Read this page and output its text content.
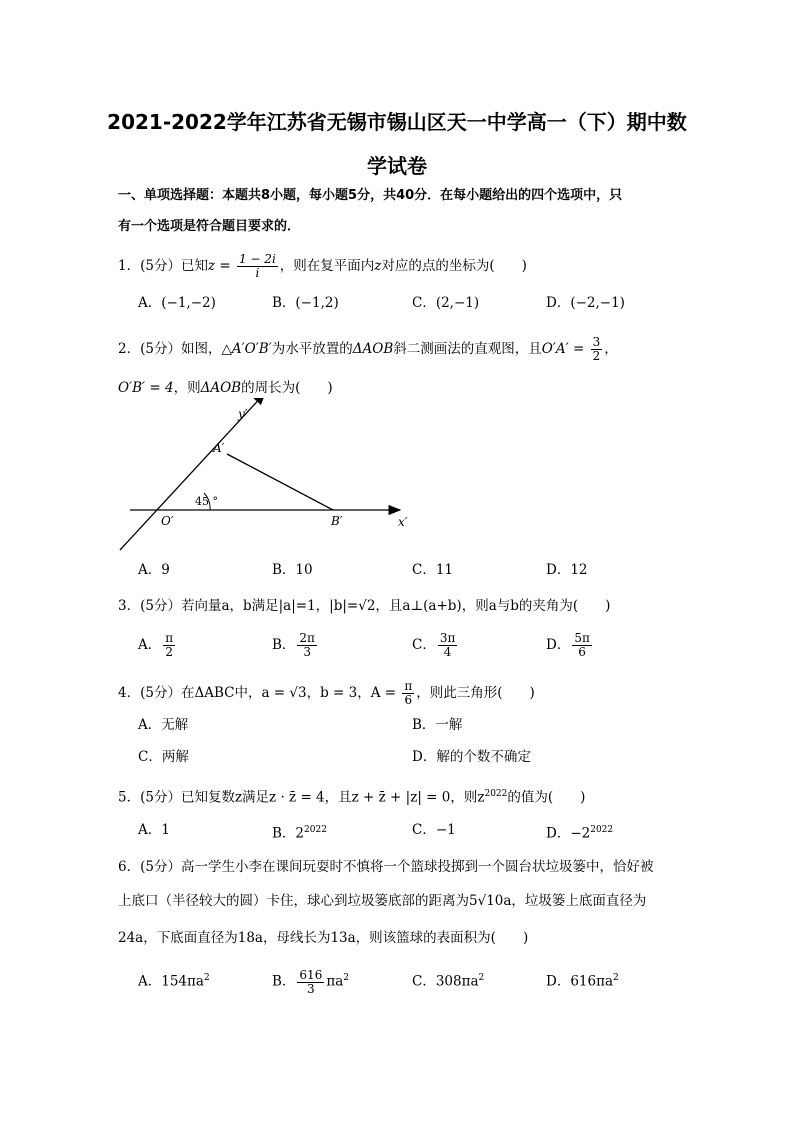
2021-2022学年江苏省无锡市锡山区天一中学高一（下）期中数
学试卷
一、单项选择题：本题共8小题，每小题5分，共40分．在每小题给出的四个选项中，只
有一个选项是符合题目要求的．
1．(5分）已知$z = \frac{1 - 2i}{i}$ ，则在复平面内z对应的点的坐标为(　　)
A．(−1,−2)	B．(−1,2)	C．(2,−1)	D．(−2,−1)
2．(5分）如图，△A′O′B′为水平放置的ΔAOB斜二测画法的直观图，且$O'A' = \frac{3}{2}$ ，
O′B′ = 4，则ΔAOB的周长为(　　)
y′
x′
A′
O′	B′
45 °
A．9	B．10	C．11	D．12
3．(5分）若向量a，b满足|a|=1，|b|=√2，且a⊥(a+b)，则a与b的夹角为(　　)
A． $\frac{\pi}{2}$	B． $\frac{2\pi}{3}$	C． $\frac{3\pi}{4}$	D． $\frac{5\pi}{6}$
4．(5分）在ΔABC中，a = √3，b = 3，$A = \frac{\pi}{6}$ ，则此三角形(　　)
A．无解	B．一解
C．两解	D．解的个数不确定
5．(5分）已知复数z满足z · z̄ = 4，且z + z̄ + |z| = 0，则$z^{2022}$的值为(　　)
A．1	B．$2^{2022}$	C．−1	D．$-2^{2022}$
6．(5分）高一学生小李在课间玩耍时不慎将一个篮球投掷到一个圆台状垃圾篓中，恰好被
上底口（半径较大的圆）卡住，球心到垃圾篓底部的距离为5√10a，垃圾篓上底面直径为
24a，下底面直径为18a，母线长为13a，则该篮球的表面积为(　　)
A．$154\pi a^2$	B． $\frac{616}{3} \pi a^2$	C．$308\pi a^2$	D．$616\pi a^2$
